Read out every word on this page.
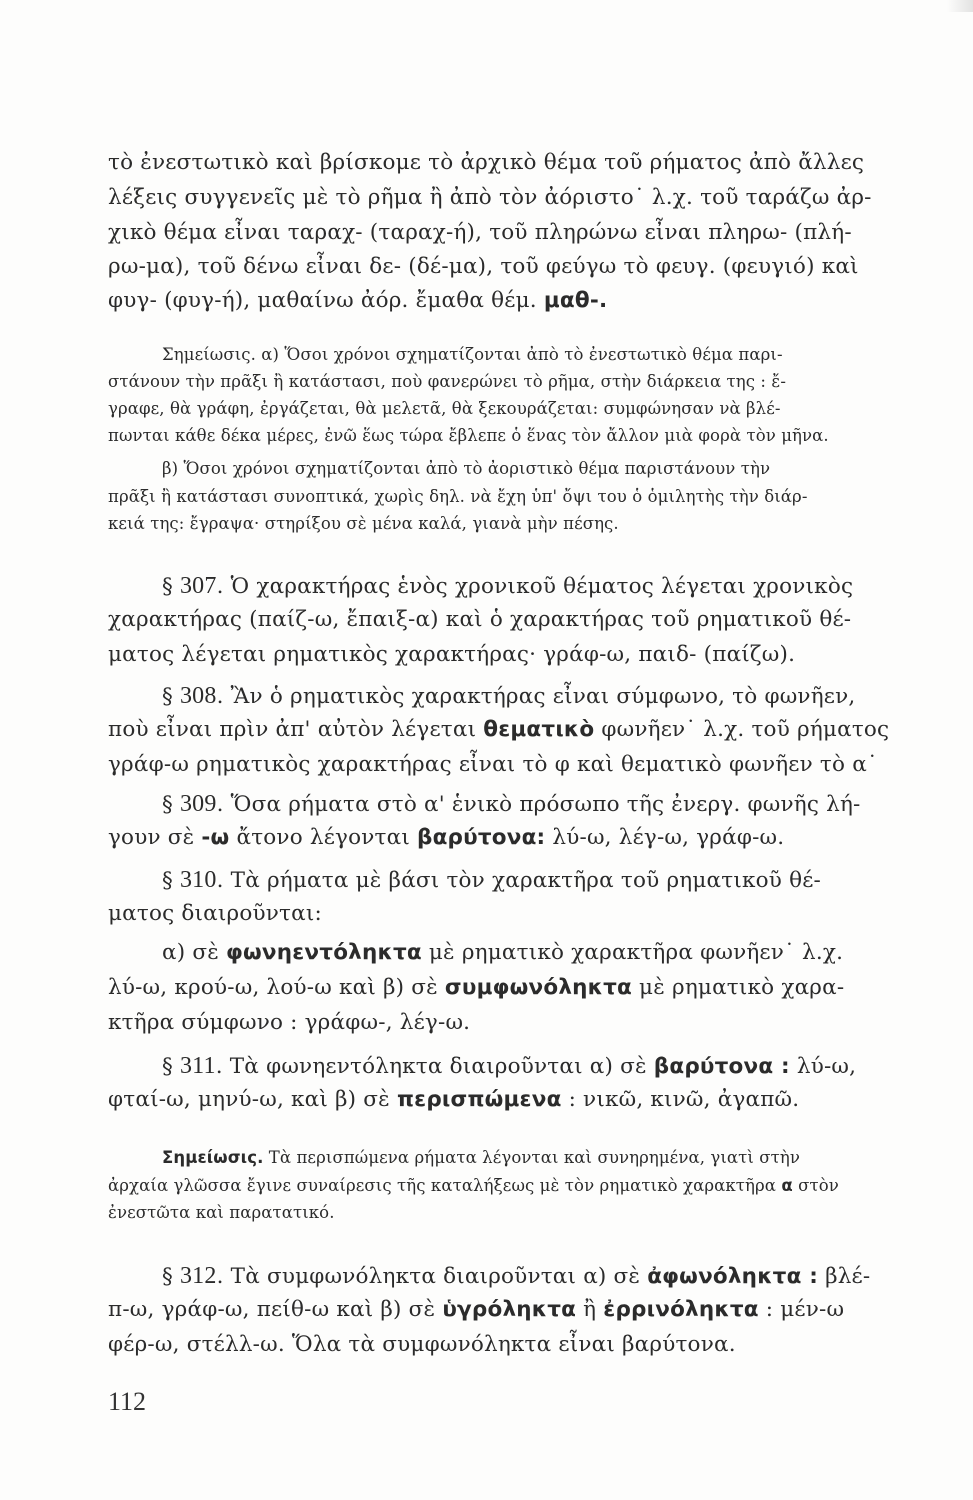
τὸ ἐνεστωτικὸ καὶ βρίσκομε τὸ ἀρχικὸ θέμα τοῦ ρήματος ἀπὸ ἄλλες
λέξεις συγγενεῖς μὲ τὸ ρῆμα ἢ ἀπὸ τὸν ἀόριστο˙ λ.χ. τοῦ ταράζω ἀρ-
χικὸ θέμα εἶναι ταραχ- (ταραχ-ή), τοῦ πληρώνω εἶναι πληρω- (πλή-
ρω-μα), τοῦ δένω εἶναι δε- (δέ-μα), τοῦ φεύγω τὸ φευγ. (φευγιό) καὶ
φυγ- (φυγ-ή), μαθαίνω ἀόρ. ἔμαθα θέμ. μαθ-.
Σημείωσις. α) Ὅσοι χρόνοι σχηματίζονται ἀπὸ τὸ ἐνεστωτικὸ θέμα παρι-
στάνουν τὴν πρᾶξι ἢ κατάστασι, ποὺ φανερώνει τὸ ρῆμα, στὴν διάρκεια της : ἔ-
γραφε, θὰ γράφη, ἐργάζεται, θὰ μελετᾶ, θὰ ξεκουράζεται: συμφώνησαν νὰ βλέ-
πωνται κάθε δέκα μέρες, ἐνῶ ἕως τώρα ἔβλεπε ὁ ἕνας τὸν ἄλλον μιὰ φορὰ τὸν μῆνα.
β) Ὅσοι χρόνοι σχηματίζονται ἀπὸ τὸ ἀοριστικὸ θέμα παριστάνουν τὴν
πρᾶξι ἢ κατάστασι συνοπτικά, χωρὶς δηλ. νὰ ἔχη ὑπ' ὄψι του ὁ ὁμιλητὴς τὴν διάρ-
κειά της: ἔγραψα· στηρίξου σὲ μένα καλά, γιανὰ μὴν πέσης.
§ 307. Ὁ χαρακτήρας ἑνὸς χρονικοῦ θέματος λέγεται χρονικὸς
χαρακτήρας (παίζ-ω, ἔπαιξ-α) καὶ ὁ χαρακτήρας τοῦ ρηματικοῦ θέ-
ματος λέγεται ρηματικὸς χαρακτήρας· γράφ-ω, παιδ- (παίζω).
§ 308. Ἂν ὁ ρηματικὸς χαρακτήρας εἶναι σύμφωνο, τὸ φωνῆεν,
ποὺ εἶναι πρὶν ἀπ' αὐτὸν λέγεται θεματικὸ φωνῆεν˙ λ.χ. τοῦ ρήματος
γράφ-ω ρηματικὸς χαρακτήρας εἶναι τὸ φ καὶ θεματικὸ φωνῆεν τὸ α˙
§ 309. Ὅσα ρήματα στὸ α' ἑνικὸ πρόσωπο τῆς ἐνεργ. φωνῆς λή-
γουν σὲ -ω ἄτονο λέγονται βαρύτονα: λύ-ω, λέγ-ω, γράφ-ω.
§ 310. Τὰ ρήματα μὲ βάσι τὸν χαρακτῆρα τοῦ ρηματικοῦ θέ-
ματος διαιροῦνται:
α) σὲ φωνηεντόληκτα μὲ ρηματικὸ χαρακτῆρα φωνῆεν˙ λ.χ.
λύ-ω, κρού-ω, λού-ω καὶ β) σὲ συμφωνόληκτα μὲ ρηματικὸ χαρα-
κτῆρα σύμφωνο : γράφω-, λέγ-ω.
§ 311. Τὰ φωνηεντόληκτα διαιροῦνται α) σὲ βαρύτονα : λύ-ω,
φταί-ω, μηνύ-ω, καὶ β) σὲ περισπώμενα : νικῶ, κινῶ, ἀγαπῶ.
Σημείωσις. Τὰ περισπώμενα ρήματα λέγονται καὶ συνηρημένα, γιατὶ στὴν
ἀρχαία γλῶσσα ἔγινε συναίρεσις τῆς καταλήξεως μὲ τὸν ρηματικὸ χαρακτῆρα α στὸν
ἐνεστῶτα καὶ παρατατικό.
§ 312. Τὰ συμφωνόληκτα διαιροῦνται α) σὲ ἀφωνόληκτα : βλέ-
π-ω, γράφ-ω, πείθ-ω καὶ β) σὲ ὑγρόληκτα ἢ ἐρρινόληκτα : μέν-ω
φέρ-ω, στέλλ-ω. Ὅλα τὰ συμφωνόληκτα εἶναι βαρύτονα.
112
